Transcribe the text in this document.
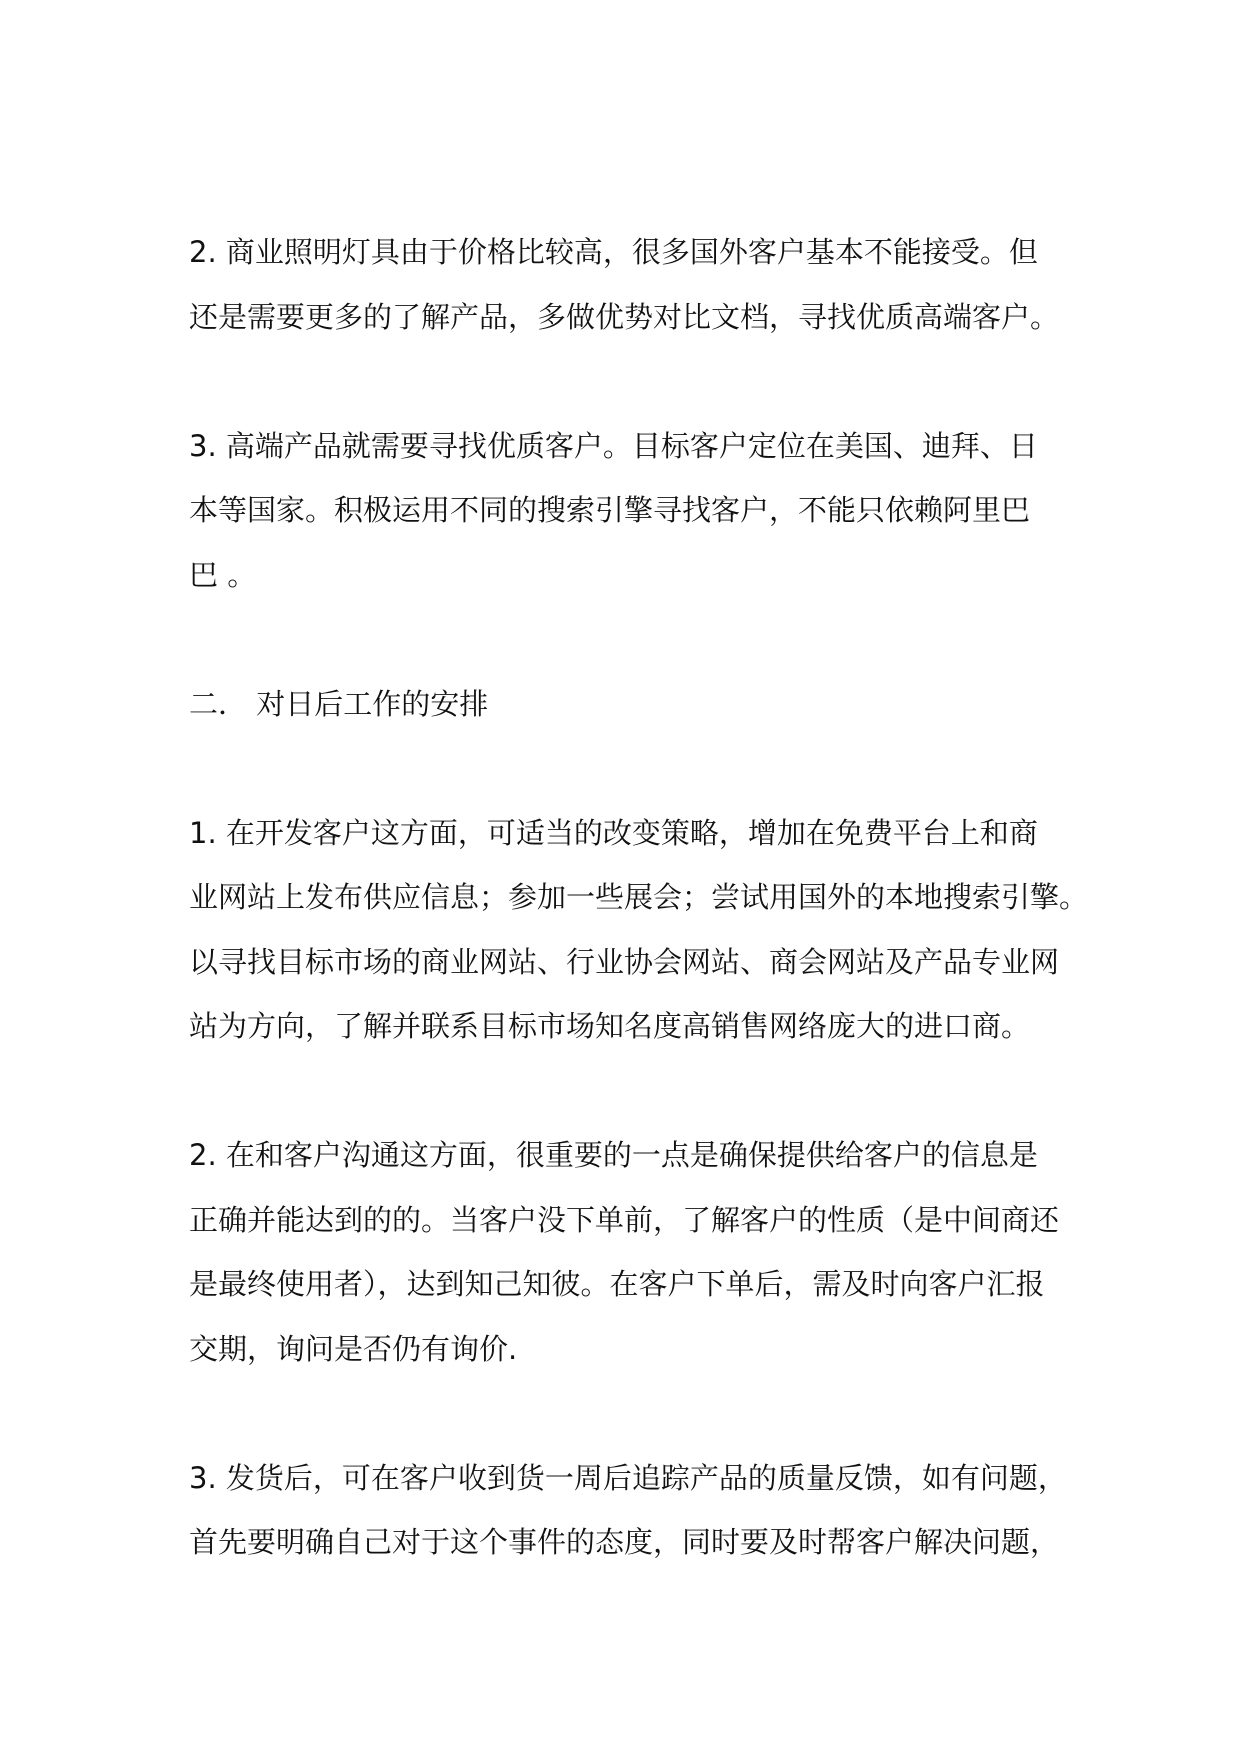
2. 商业照明灯具由于价格比较高，很多国外客户基本不能接受。但
还是需要更多的了解产品，多做优势对比文档，寻找优质高端客户。
3. 高端产品就需要寻找优质客户。目标客户定位在美国、迪拜、日
本等国家。积极运用不同的搜索引擎寻找客户，不能只依赖阿里巴
巴 。
二． 对日后工作的安排
1. 在开发客户这方面，可适当的改变策略，增加在免费平台上和商
业网站上发布供应信息；参加一些展会；尝试用国外的本地搜索引擎。
以寻找目标市场的商业网站、行业协会网站、商会网站及产品专业网
站为方向，了解并联系目标市场知名度高销售网络庞大的进口商。
2. 在和客户沟通这方面，很重要的一点是确保提供给客户的信息是
正确并能达到的的。当客户没下单前，了解客户的性质（是中间商还
是最终使用者），达到知己知彼。在客户下单后，需及时向客户汇报
交期，询问是否仍有询价.
3. 发货后，可在客户收到货一周后追踪产品的质量反馈，如有问题，
首先要明确自己对于这个事件的态度，同时要及时帮客户解决问题，
